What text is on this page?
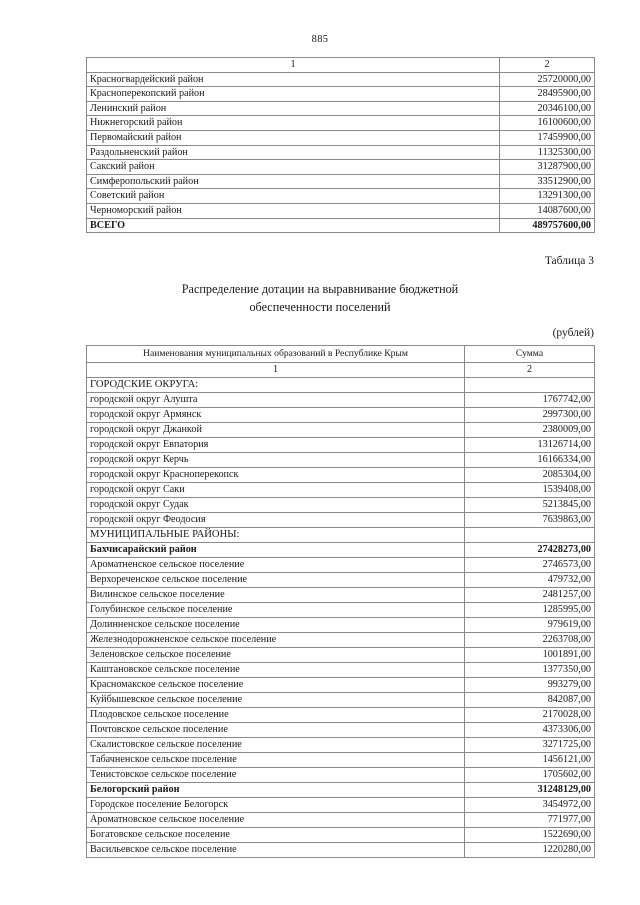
885
1	2
Красногвардейский район	25720000,00
Красноперекопский район	28495900,00
Ленинский район	20346100,00
Нижнегорский район	16100600,00
Первомайский район	17459900,00
Раздольненский район	11325300,00
Сакский район	31287900,00
Симферопольский район	33512900,00
Советский район	13291300,00
Черноморский район	14087600,00
ВСЕГО	489757600,00
Таблица 3
Распределение дотации на выравнивание бюджетной
обеспеченности поселений
(рублей)
Наименования муниципальных образований в Республике Крым	Сумма
1	2
ГОРОДСКИЕ ОКРУГА:	
городской округ Алушта	1767742,00
городской округ Армянск	2997300,00
городской округ Джанкой	2380009,00
городской округ Евпатория	13126714,00
городской округ Керчь	16166334,00
городской округ Красноперекопск	2085304,00
городской округ Саки	1539408,00
городской округ Судак	5213845,00
городской округ Феодосия	7639863,00
МУНИЦИПАЛЬНЫЕ РАЙОНЫ:	
Бахчисарайский район	27428273,00
Ароматненское сельское поселение	2746573,00
Верхореченское сельское поселение	479732,00
Вилинское сельское поселение	2481257,00
Голубинское сельское поселение	1285995,00
Долинненское сельское поселение	979619,00
Железнодорожненское сельское поселение	2263708,00
Зеленовское сельское поселение	1001891,00
Каштановское сельское поселение	1377350,00
Красномакское сельское поселение	993279,00
Куйбышевское сельское поселение	842087,00
Плодовское сельское поселение	2170028,00
Почтовское сельское поселение	4373306,00
Скалистовское сельское поселение	3271725,00
Табачненское сельское поселение	1456121,00
Тенистовское сельское поселение	1705602,00
Белогорский район	31248129,00
Городское поселение Белогорск	3454972,00
Ароматновское сельское поселение	771977,00
Богатовское сельское поселение	1522690,00
Васильевское сельское поселение	1220280,00
